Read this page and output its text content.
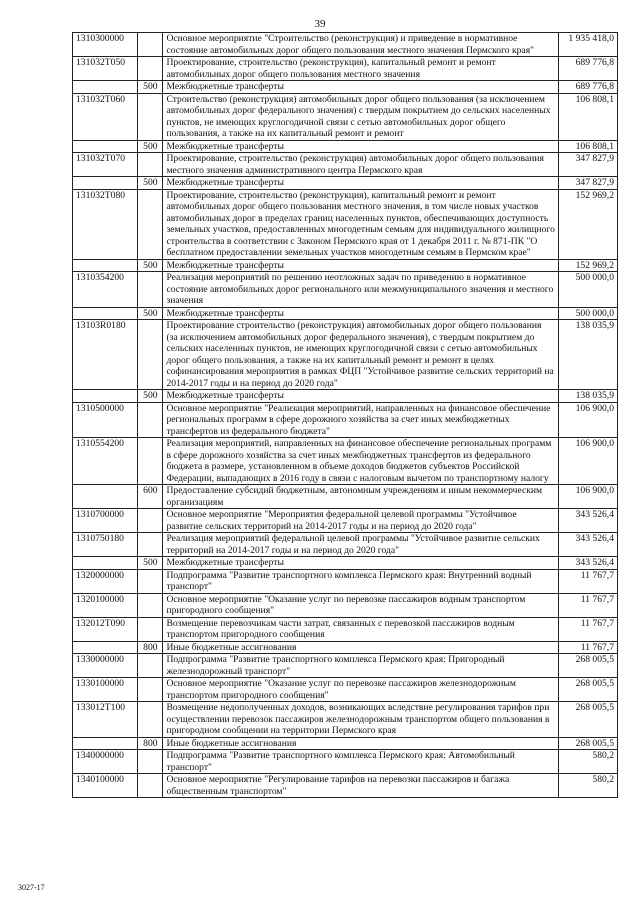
39
1310300000		Основное мероприятие "Строительство (реконструкция) и приведение в нормативное состояние автомобильных дорог общего пользования местного значения Пермского края"	1 935 418,0
131032Т050		Проектирование, строительство (реконструкция), капитальный ремонт и ремонт автомобильных дорог общего пользования местного значения	689 776,8
	500	Межбюджетные трансферты	689 776,8
131032Т060		Строительство (реконструкция) автомобильных дорог общего пользования (за исключением автомобильных дорог федерального значения) с твердым покрытием до сельских населенных пунктов, не имеющих круглогодичной связи с сетью автомобильных дорог общего пользования, а также на их капитальный ремонт и ремонт	106 808,1
	500	Межбюджетные трансферты	106 808,1
131032Т070		Проектирование, строительство (реконструкция) автомобильных дорог общего пользования местного значения административного центра Пермского края	347 827,9
	500	Межбюджетные трансферты	347 827,9
131032Т080		Проектирование, строительство (реконструкция), капитальный ремонт и ремонт автомобильных дорог общего пользования местного значения, в том числе новых участков автомобильных дорог в пределах границ населенных пунктов, обеспечивающих доступность земельных участков, предоставленных многодетным семьям для индивидуального жилищного строительства в соответствии с Законом Пермского края от 1 декабря 2011 г. № 871-ПК "О бесплатном предоставлении земельных участков многодетным семьям в Пермском крае"	152 969,2
	500	Межбюджетные трансферты	152 969,2
1310354200		Реализация мероприятий по решению неотложных задач по приведению в нормативное состояние автомобильных дорог регионального или межмуниципального значения и местного значения	500 000,0
	500	Межбюджетные трансферты	500 000,0
13103R0180		Проектирование строительство (реконструкция) автомобильных дорог общего пользования (за исключением автомобильных дорог федерального значения), с твердым покрытием до сельских населенных пунктов, не имеющих круглогодичной связи с сетью автомобильных дорог общего пользования, а также на их капитальный ремонт и ремонт в целях софинансирования мероприятия в рамках ФЦП "Устойчивое развитие сельских территорий на 2014-2017 годы и на период до 2020 года"	138 035,9
	500	Межбюджетные трансферты	138 035,9
1310500000		Основное мероприятие "Реализация мероприятий, направленных на финансовое обеспечение региональных программ в сфере дорожного хозяйства за счет иных межбюджетных трансфертов из федерального бюджета"	106 900,0
1310554200		Реализация мероприятий, направленных на финансовое обеспечение региональных программ в сфере дорожного хозяйства за счет иных межбюджетных трансфертов из федерального бюджета в размере, установленном в объеме доходов бюджетов субъектов Российской Федерации, выпадающих в 2016 году в связи с налоговым вычетом по транспортному налогу	106 900,0
	600	Предоставление субсидий бюджетным, автономным учреждениям и иным некоммерческим организациям	106 900,0
1310700000		Основное мероприятие "Мероприятия федеральной целевой программы "Устойчивое развитие сельских территорий на 2014-2017 годы и на период до 2020 года"	343 526,4
1310750180		Реализация мероприятий федеральной целевой программы "Устойчивое развитие сельских территорий на 2014-2017 годы и на период до 2020 года"	343 526,4
	500	Межбюджетные трансферты	343 526,4
1320000000		Подпрограмма "Развитие транспортного комплекса Пермского края: Внутренний водный транспорт"	11 767,7
1320100000		Основное мероприятие "Оказание услуг по перевозке пассажиров водным транспортом пригородного сообщения"	11 767,7
132012Т090		Возмещение перевозчикам части затрат, связанных с перевозкой пассажиров водным транспортом пригородного сообщения	11 767,7
	800	Иные бюджетные ассигнования	11 767,7
1330000000		Подпрограмма "Развитие транспортного комплекса Пермского края: Пригородный железнодорожный транспорт"	268 005,5
1330100000		Основное мероприятие "Оказание услуг по перевозке пассажиров железнодорожным транспортом пригородного сообщения"	268 005,5
133012Т100		Возмещение недополученных доходов, возникающих вследствие регулирования тарифов при осуществлении перевозок пассажиров железнодорожным транспортом общего пользования в пригородном сообщении на территории Пермского края	268 005,5
	800	Иные бюджетные ассигнования	268 005,5
1340000000		Подпрограмма "Развитие транспортного комплекса Пермского края: Автомобильный транспорт"	580,2
1340100000		Основное мероприятие "Регулирование тарифов на перевозки пассажиров и багажа общественным транспортом"	580,2
3027-17
